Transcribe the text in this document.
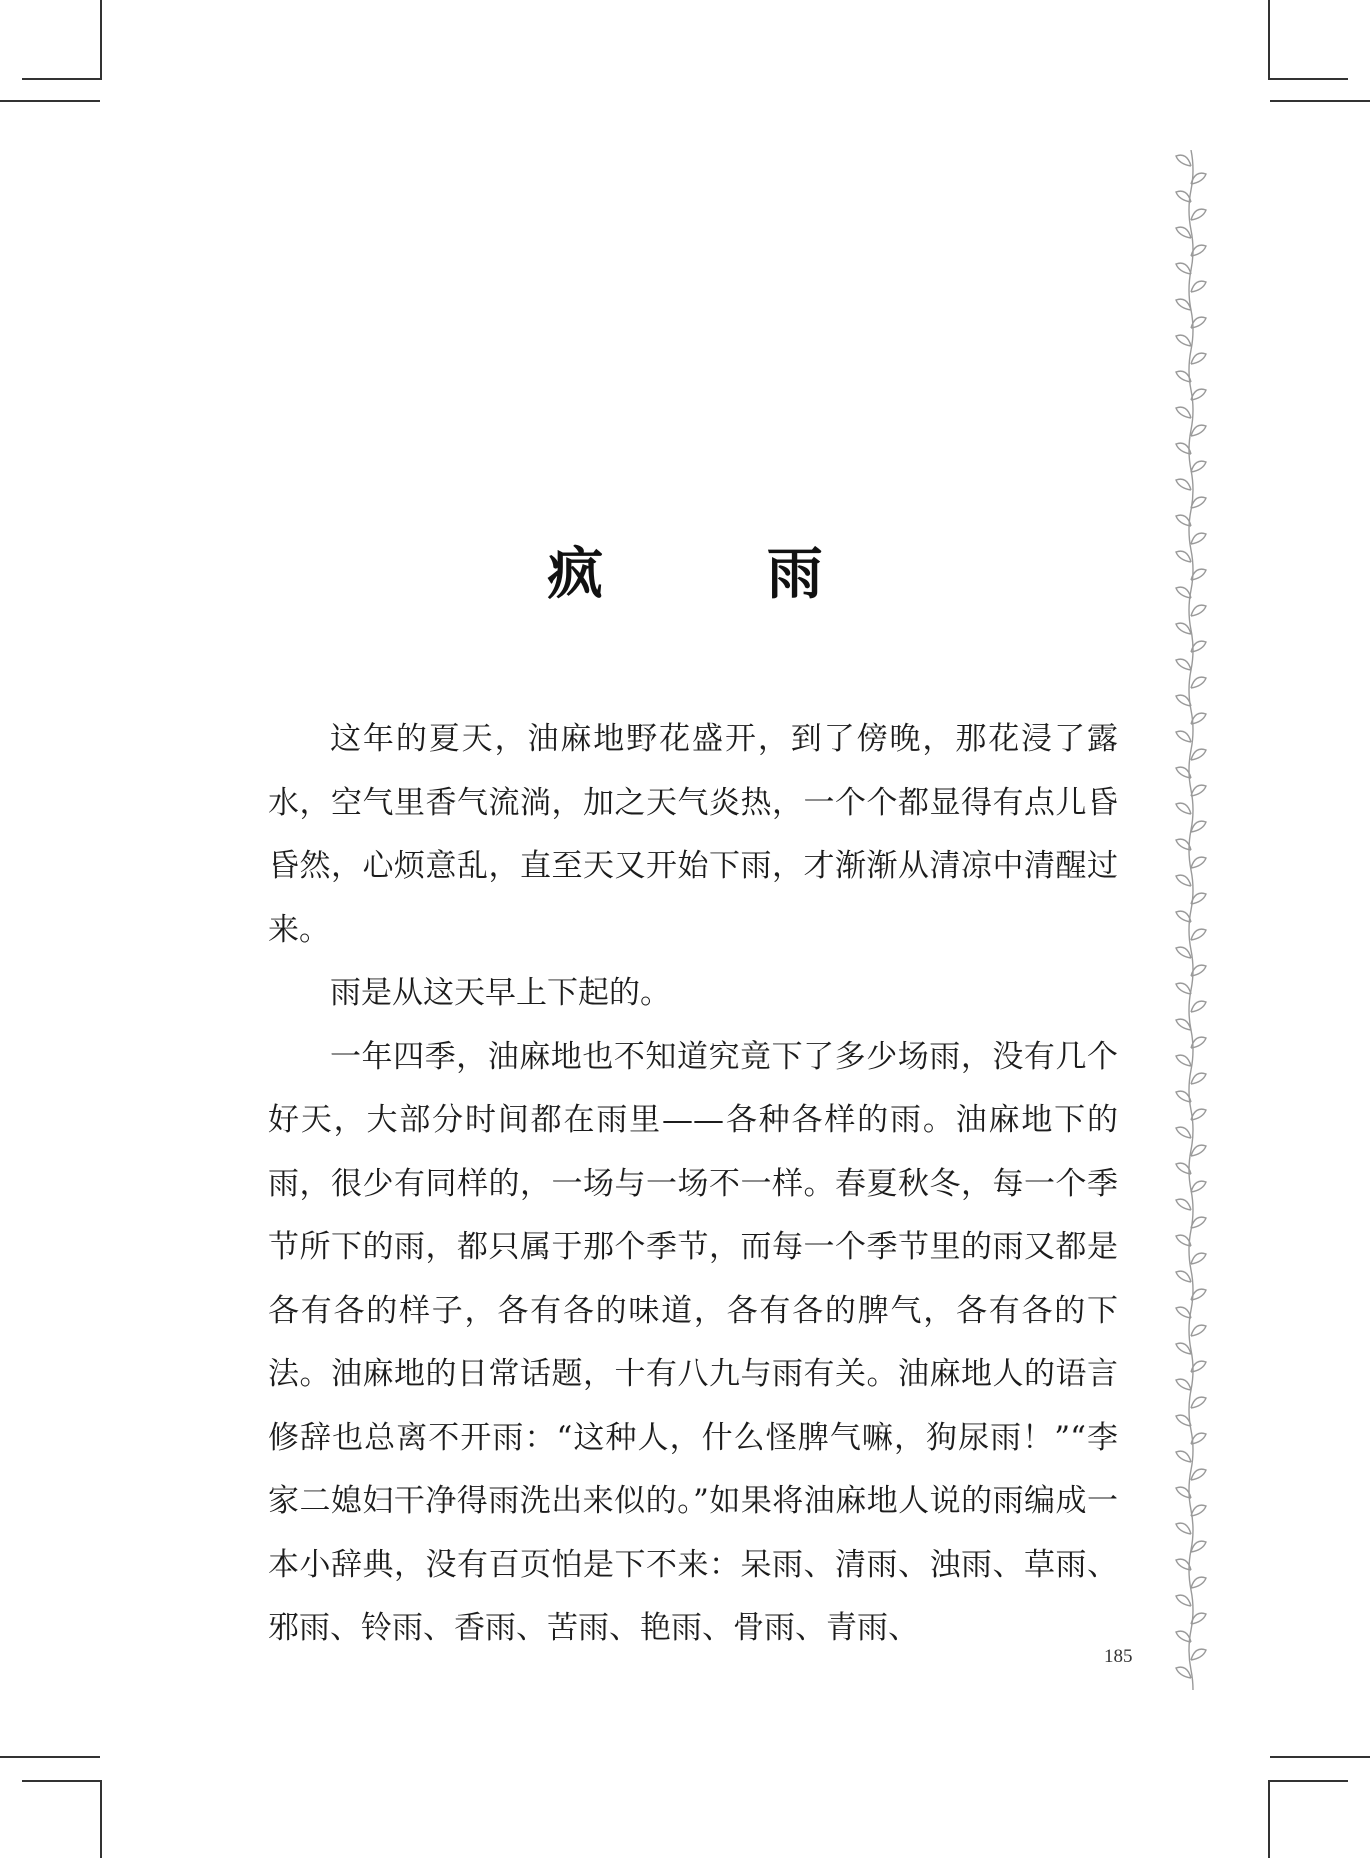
疯 雨

这年的夏天，油麻地野花盛开，到了傍晚，那花浸了露水，空气里香气流淌，加之天气炎热，一个个都显得有点儿昏昏然，心烦意乱，直至天又开始下雨，才渐渐从清凉中清醒过来。

雨是从这天早上下起的。

一年四季，油麻地也不知道究竟下了多少场雨，没有几个好天，大部分时间都在雨里——各种各样的雨。油麻地下的雨，很少有同样的，一场与一场不一样。春夏秋冬，每一个季节所下的雨，都只属于那个季节，而每一个季节里的雨又都是各有各的样子，各有各的味道，各有各的脾气，各有各的下法。油麻地的日常话题，十有八九与雨有关。油麻地人的语言修辞也总离不开雨：“这种人，什么怪脾气嘛，狗尿雨！”“李家二媳妇干净得雨洗出来似的。”如果将油麻地人说的雨编成一本小辞典，没有百页怕是下不来：呆雨、清雨、浊雨、草雨、邪雨、铃雨、香雨、苦雨、艳雨、骨雨、青雨、

185
